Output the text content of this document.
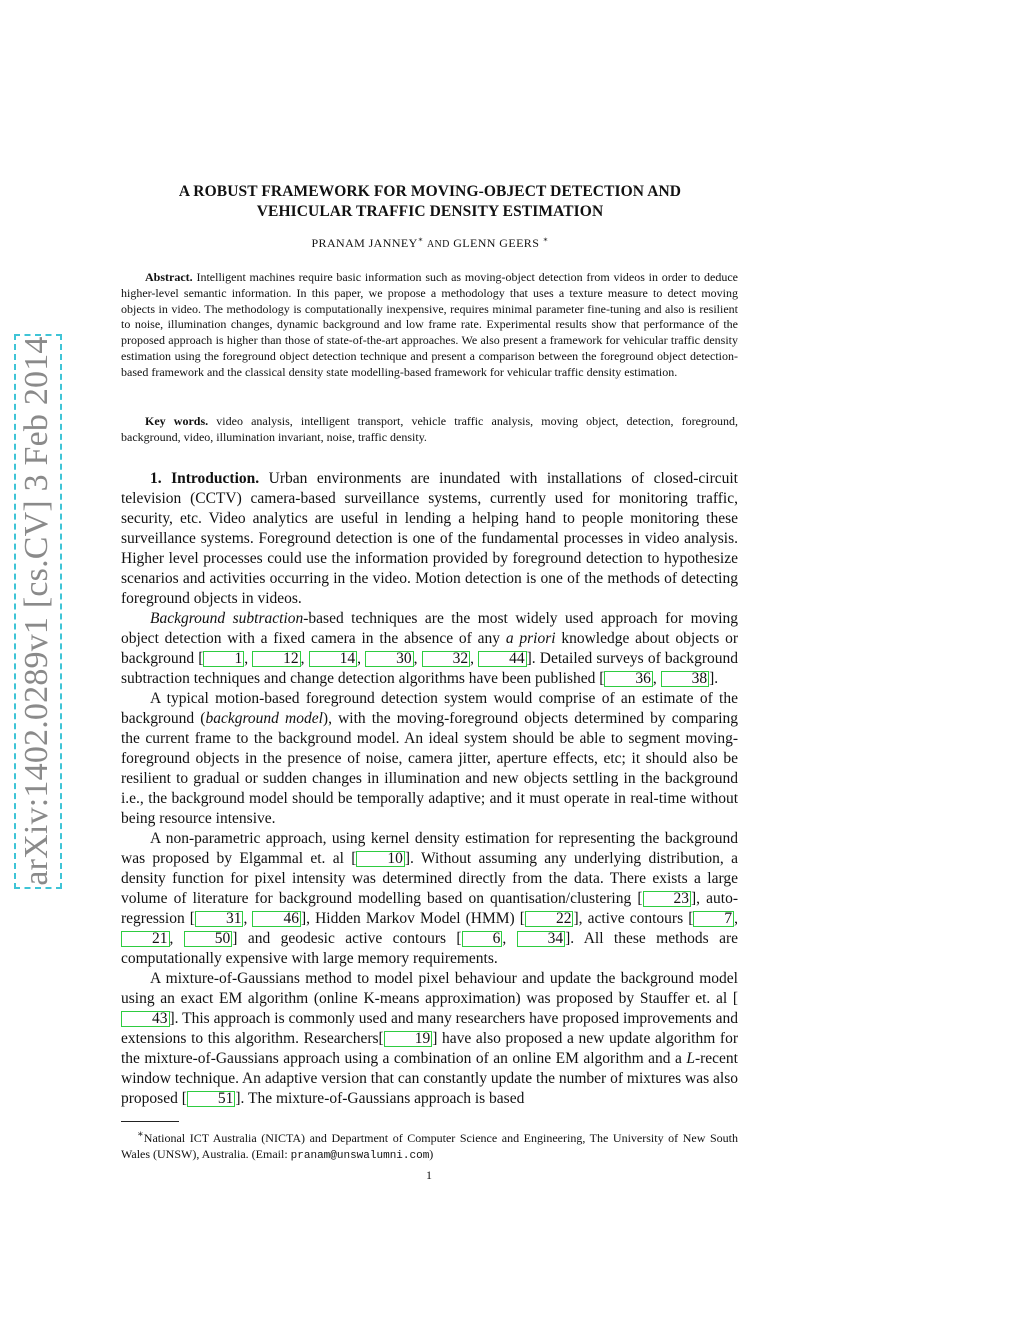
arXiv:1402.0289v1 [cs.CV] 3 Feb 2014
A ROBUST FRAMEWORK FOR MOVING-OBJECT DETECTION AND
VEHICULAR TRAFFIC DENSITY ESTIMATION
PRANAM JANNEY∗ AND GLENN GEERS ∗

Abstract. Intelligent machines require basic information such as moving-object detection from videos in order to deduce higher-level semantic information. In this paper, we propose a methodology that uses a texture measure to detect moving objects in video. The methodology is computationally inexpensive, requires minimal parameter fine-tuning and also is resilient to noise, illumination changes, dynamic background and low frame rate. Experimental results show that performance of the proposed approach is higher than those of state-of-the-art approaches. We also present a framework for vehicular traffic density estimation using the foreground object detection technique and present a comparison between the foreground object detection-based framework and the classical density state modelling-based framework for vehicular traffic density estimation.

Key words. video analysis, intelligent transport, vehicle traffic analysis, moving object, detection, foreground, background, video, illumination invariant, noise, traffic density.

1. Introduction. Urban environments are inundated with installations of closed-circuit television (CCTV) camera-based surveillance systems, currently used for monitoring traffic, security, etc. Video analytics are useful in lending a helping hand to people monitoring these surveillance systems. Foreground detection is one of the fundamental processes in video analysis. Higher level processes could use the information provided by foreground detection to hypothesize scenarios and activities occurring in the video. Motion detection is one of the methods of detecting foreground objects in videos.

Background subtraction-based techniques are the most widely used approach for moving object detection with a fixed camera in the absence of any a priori knowledge about objects or background [ 1 , 12 , 14 , 30 , 32 , 44 ]. Detailed surveys of background subtraction techniques and change detection algorithms have been published [ 36 , 38 ].

A typical motion-based foreground detection system would comprise of an estimate of the background (background model), with the moving-foreground objects determined by comparing the current frame to the background model. An ideal system should be able to segment moving-foreground objects in the presence of noise, camera jitter, aperture effects, etc; it should also be resilient to gradual or sudden changes in illumination and new objects settling in the background i.e., the background model should be temporally adaptive; and it must operate in real-time without being resource intensive.

A non-parametric approach, using kernel density estimation for representing the background was proposed by Elgammal et. al [ 10 ]. Without assuming any underlying distribution, a density function for pixel intensity was determined directly from the data. There exists a large volume of literature for background modelling based on quantisation/clustering [ 23 ], auto-regression [ 31 , 46 ], Hidden Markov Model (HMM) [ 22 ], active contours [ 7 , 21 , 50 ] and geodesic active contours [ 6 , 34 ]. All these methods are computationally expensive with large memory requirements.

A mixture-of-Gaussians method to model pixel behaviour and update the background model using an exact EM algorithm (online K-means approximation) was proposed by Stauffer et. al [43 ]. This approach is commonly used and many researchers have proposed improvements and extensions to this algorithm. Researchers[ 19 ] have also proposed a new update algorithm for the mixture-of-Gaussians approach using a combination of an online EM algorithm and a L-recent window technique. An adaptive version that can constantly update the number of mixtures was also proposed [ 51 ]. The mixture-of-Gaussians approach is based

∗National ICT Australia (NICTA) and Department of Computer Science and Engineering, The University of New South Wales (UNSW), Australia. (Email: pranam@unswalumni.com)

1
